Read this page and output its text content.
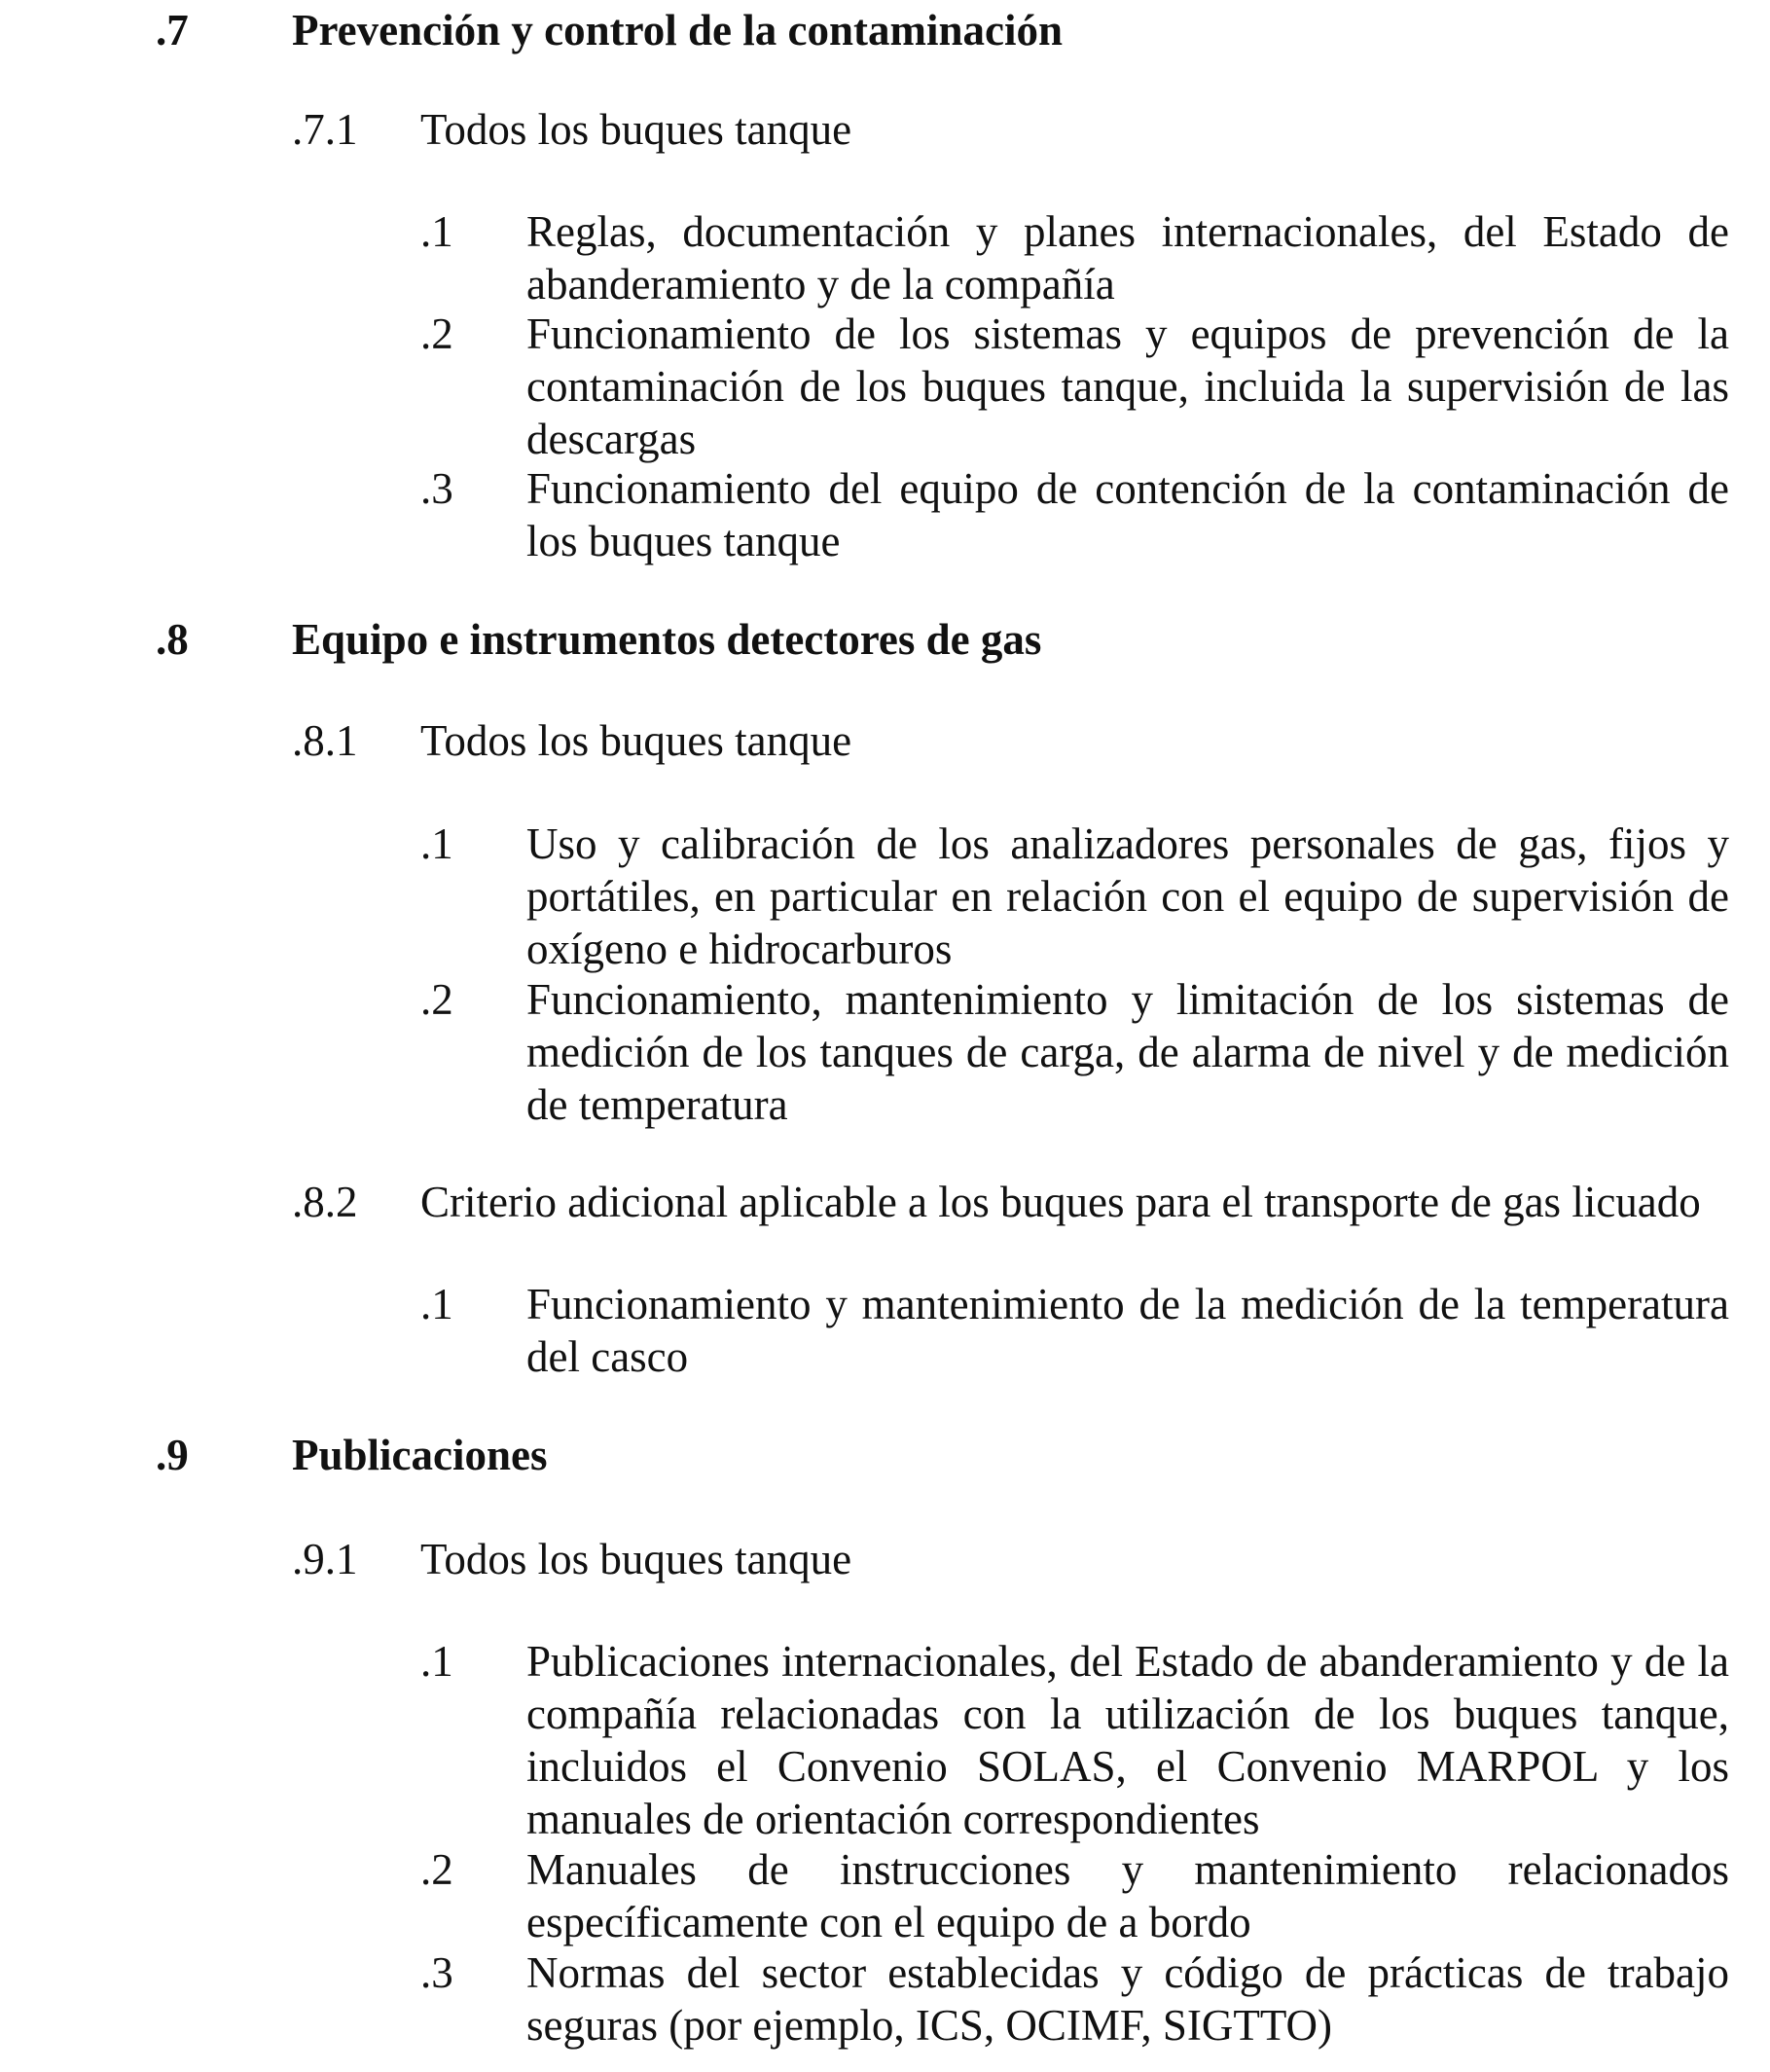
.7 Prevención y control de la contaminación
.7.1 Todos los buques tanque
.1 Reglas, documentación y planes internacionales, del Estado de abanderamiento y de la compañía
.2 Funcionamiento de los sistemas y equipos de prevención de la contaminación de los buques tanque, incluida la supervisión de las descargas
.3 Funcionamiento del equipo de contención de la contaminación de los buques tanque
.8 Equipo e instrumentos detectores de gas
.8.1 Todos los buques tanque
.1 Uso y calibración de los analizadores personales de gas, fijos y portátiles, en particular en relación con el equipo de supervisión de oxígeno e hidrocarburos
.2 Funcionamiento, mantenimiento y limitación de los sistemas de medición de los tanques de carga, de alarma de nivel y de medición de temperatura
.8.2 Criterio adicional aplicable a los buques para el transporte de gas licuado
.1 Funcionamiento y mantenimiento de la medición de la temperatura del casco
.9 Publicaciones
.9.1 Todos los buques tanque
.1 Publicaciones internacionales, del Estado de abanderamiento y de la compañía relacionadas con la utilización de los buques tanque, incluidos el Convenio SOLAS, el Convenio MARPOL y los manuales de orientación correspondientes
.2 Manuales de instrucciones y mantenimiento relacionados específicamente con el equipo de a bordo
.3 Normas del sector establecidas y código de prácticas de trabajo seguras (por ejemplo, ICS, OCIMF, SIGTTO)
